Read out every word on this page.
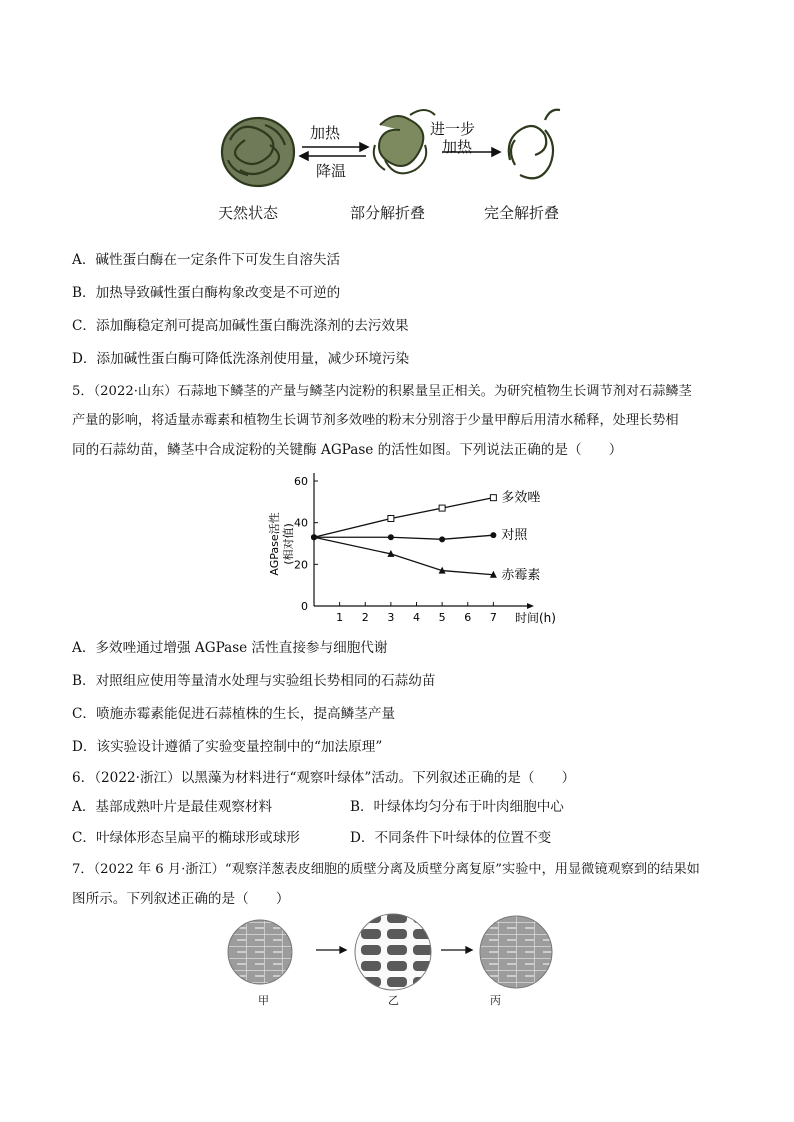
加热
降温
进一步
加热
天然状态	部分解折叠	完全解折叠
A．碱性蛋白酶在一定条件下可发生自溶失活
B．加热导致碱性蛋白酶构象改变是不可逆的
C．添加酶稳定剂可提高加碱性蛋白酶洗涤剂的去污效果
D．添加碱性蛋白酶可降低洗涤剂使用量，减少环境污染
5．（2022·山东）石蒜地下鳞茎的产量与鳞茎内淀粉的积累量呈正相关。为研究植物生长调节剂对石蒜鳞茎
产量的影响，将适量赤霉素和植物生长调节剂多效唑的粉末分别溶于少量甲醇后用清水稀释，处理长势相
同的石蒜幼苗，鳞茎中合成淀粉的关键酶 AGPase 的活性如图。下列说法正确的是（　　）
0
20
40
60
1 2 3 4 5 6 7 时间(h)
AGPase活性 (相对值)
多效唑
对照
赤霉素
A．多效唑通过增强 AGPase 活性直接参与细胞代谢
B．对照组应使用等量清水处理与实验组长势相同的石蒜幼苗
C．喷施赤霉素能促进石蒜植株的生长，提高鳞茎产量
D．该实验设计遵循了实验变量控制中的“加法原理”
6．（2022·浙江）以黑藻为材料进行“观察叶绿体”活动。下列叙述正确的是（　　）
A．基部成熟叶片是最佳观察材料	B．叶绿体均匀分布于叶肉细胞中心
C．叶绿体形态呈扁平的椭球形或球形	D．不同条件下叶绿体的位置不变
7．（2022 年 6 月·浙江）“观察洋葱表皮细胞的质壁分离及质壁分离复原”实验中，用显微镜观察到的结果如
图所示。下列叙述正确的是（　　）
甲	乙	丙
